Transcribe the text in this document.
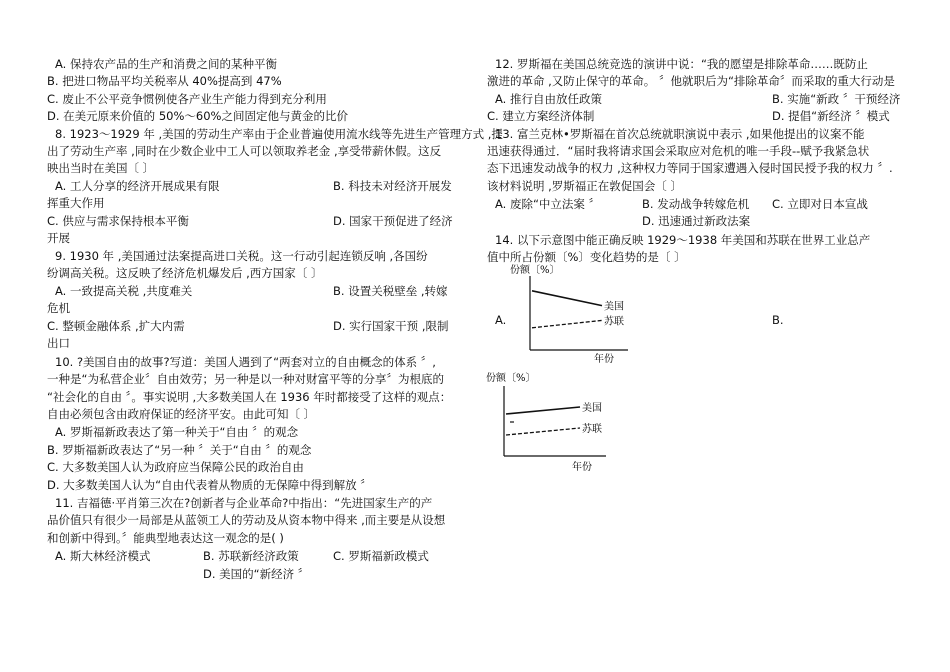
A. 保持农产品的生产和消费之间的某种平衡
B. 把进口物品平均关税率从 40%提高到 47%
C. 废止不公平竞争惯例使各产业生产能力得到充分利用
D. 在美元原来价值的 50%～60%之间固定他与黄金的比价
8. 1923～1929 年 ,美国的劳动生产率由于企业普遍使用流水线等先进生产管理方式 ,提
出了劳动生产率 ,同时在少数企业中工人可以领取养老金 ,享受带薪休假。这反
映出当时在美国〔 〕
A. 工人分享的经济开展成果有限	B. 科技未对经济开展发
挥重大作用
C. 供应与需求保持根本平衡	D. 国家干预促进了经济
开展
9. 1930 年 ,美国通过法案提高进口关税。这一行动引起连锁反响 ,各国纷
纷调高关税。这反映了经济危机爆发后 ,西方国家〔 〕
A. 一致提高关税 ,共度难关	B. 设置关税壁垒 ,转嫁
危机
C. 整顿金融体系 ,扩大内需	D. 实行国家干预 ,限制
出口
10. ?美国自由的故事?写道：美国人遇到了“两套对立的自由概念的体系 〞,
一种是“为私营企业〞自由效劳；另一种是以一种对财富平等的分享〞为根底的
“社会化的自由 〞。事实说明 ,大多数美国人在 1936 年时都接受了这样的观点：
自由必须包含由政府保证的经济平安。由此可知〔 〕
A. 罗斯福新政表达了第一种关于“自由 〞的观念
B. 罗斯福新政表达了“另一种 〞关于“自由 〞的观念
C. 大多数美国人认为政府应当保障公民的政治自由
D. 大多数美国人认为“自由代表着从物质的无保障中得到解放 〞
11. 吉福德·平肖第三次在?创新者与企业革命?中指出：“先进国家生产的产
品价值只有很少一局部是从蓝领工人的劳动及从资本物中得来 ,而主要是从设想
和创新中得到。〞能典型地表达这一观念的是( )
A. 斯大林经济模式	B. 苏联新经济政策	C. 罗斯福新政模式
D. 美国的“新经济 〞
12. 罗斯福在美国总统竞选的演讲中说：“我的愿望是排除革命……既防止
激进的革命 ,又防止保守的革命。 〞他就职后为“排除革命〞而采取的重大行动是
A. 推行自由放任政策	B. 实施“新政 〞干预经济
C. 建立方案经济体制	D. 提倡“新经济 〞模式
13. 富兰克林•罗斯福在首次总统就职演说中表示 ,如果他提出的议案不能
迅速获得通过．“届时我将请求国会采取应对危机的唯一手段--赋予我紧急状
态下迅速发动战争的权力 ,这种权力等同于国家遭遇入侵时国民授予我的权力 〞.
该材料说明 ,罗斯福正在敦促国会〔 〕
A. 废除“中立法案 〞	B. 发动战争转嫁危机 C. 立即对日本宣战
D. 迅速通过新政法案
14. 以下示意图中能正确反映 1929～1938 年美国和苏联在世界工业总产
值中所占份额〔%〕变化趋势的是〔 〕
A.	B.
份额〔%〕
年份
美国
苏联
份额〔%〕
年份
美国
苏联
